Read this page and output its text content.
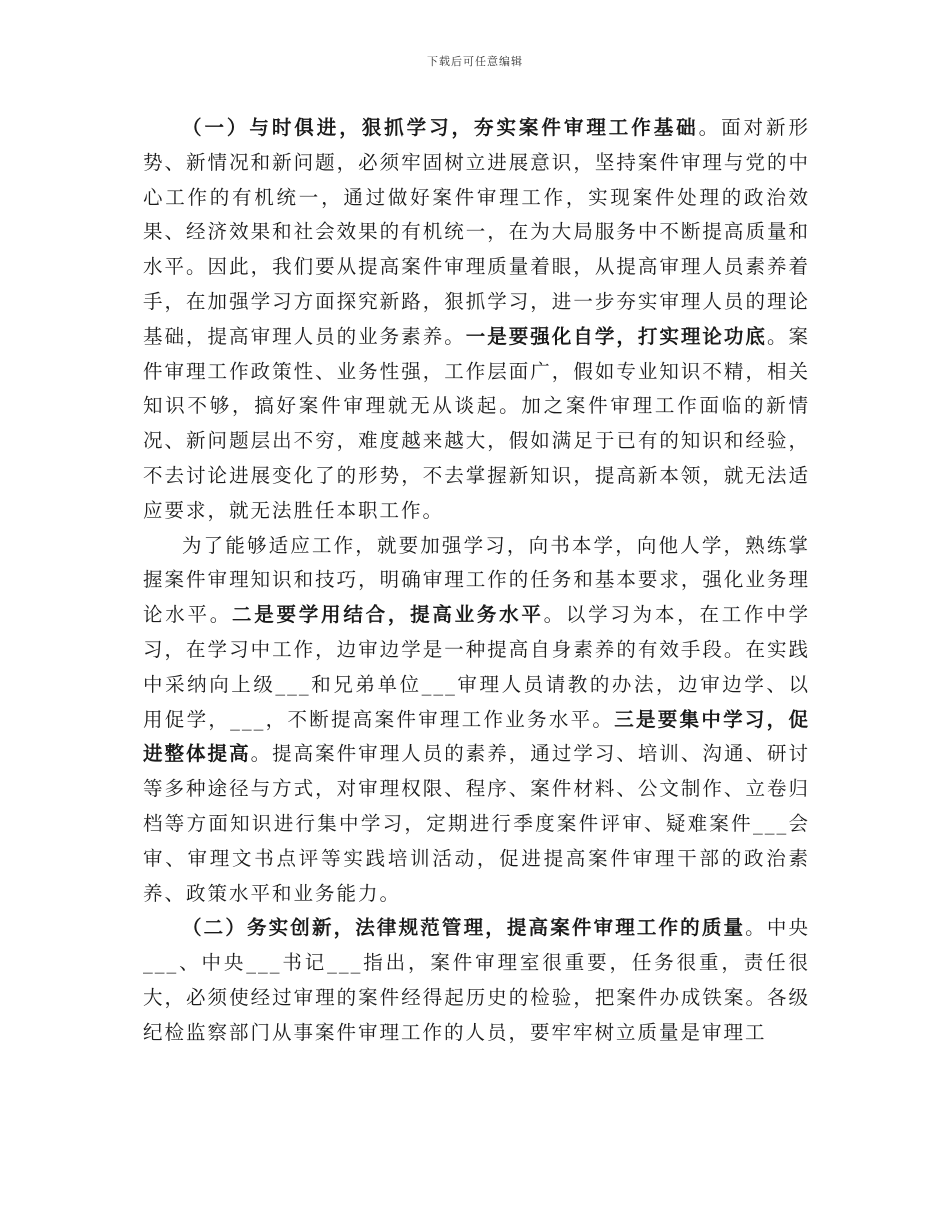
下载后可任意编辑

（一）与时俱进，狠抓学习，夯实案件审理工作基础。面对新形势、新情况和新问题，必须牢固树立进展意识，坚持案件审理与党的中心工作的有机统一，通过做好案件审理工作，实现案件处理的政治效果、经济效果和社会效果的有机统一，在为大局服务中不断提高质量和水平。因此，我们要从提高案件审理质量着眼，从提高审理人员素养着手，在加强学习方面探究新路，狠抓学习，进一步夯实审理人员的理论基础，提高审理人员的业务素养。一是要强化自学，打实理论功底。案件审理工作政策性、业务性强，工作层面广，假如专业知识不精，相关知识不够，搞好案件审理就无从谈起。加之案件审理工作面临的新情况、新问题层出不穷，难度越来越大，假如满足于已有的知识和经验，不去讨论进展变化了的形势，不去掌握新知识，提高新本领，就无法适应要求，就无法胜任本职工作。

为了能够适应工作，就要加强学习，向书本学，向他人学，熟练掌握案件审理知识和技巧，明确审理工作的任务和基本要求，强化业务理论水平。二是要学用结合，提高业务水平。以学习为本，在工作中学习，在学习中工作，边审边学是一种提高自身素养的有效手段。在实践中采纳向上级___和兄弟单位___审理人员请教的办法，边审边学、以用促学，___，不断提高案件审理工作业务水平。三是要集中学习，促进整体提高。提高案件审理人员的素养，通过学习、培训、沟通、研讨等多种途径与方式，对审理权限、程序、案件材料、公文制作、立卷归档等方面知识进行集中学习，定期进行季度案件评审、疑难案件___会审、审理文书点评等实践培训活动，促进提高案件审理干部的政治素养、政策水平和业务能力。

（二）务实创新，法律规范管理，提高案件审理工作的质量。中央___、中央___书记___指出，案件审理室很重要，任务很重，责任很大，必须使经过审理的案件经得起历史的检验，把案件办成铁案。各级纪检监察部门从事案件审理工作的人员，要牢牢树立质量是审理工
